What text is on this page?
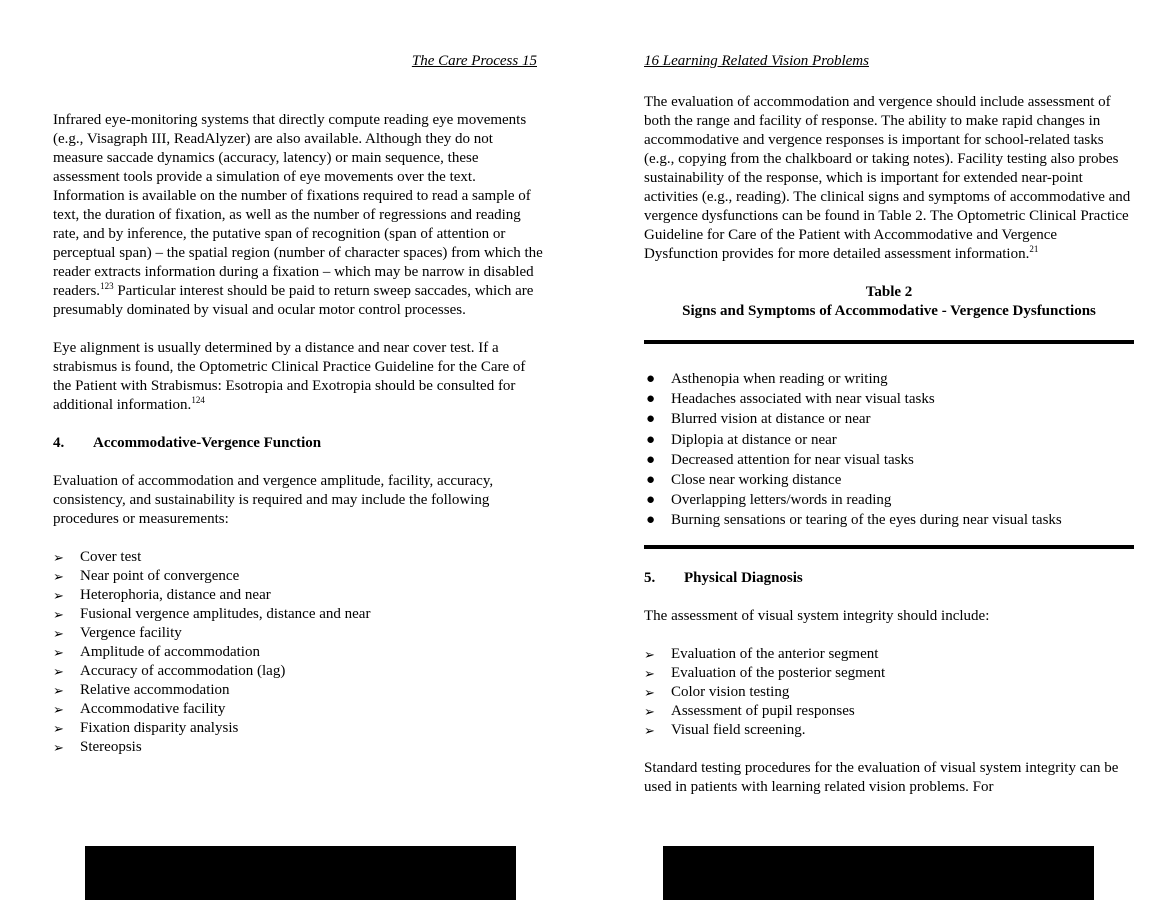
The Care Process 15

Infrared eye-monitoring systems that directly compute reading eye movements (e.g., Visagraph III, ReadAlyzer) are also available. Although they do not measure saccade dynamics (accuracy, latency) or main sequence, these assessment tools provide a simulation of eye movements over the text. Information is available on the number of fixations required to read a sample of text, the duration of fixation, as well as the number of regressions and reading rate, and by inference, the putative span of recognition (span of attention or perceptual span) – the spatial region (number of character spaces) from which the reader extracts information during a fixation – which may be narrow in disabled readers.$^{123}$ Particular interest should be paid to return sweep saccades, which are presumably dominated by visual and ocular motor control processes.

Eye alignment is usually determined by a distance and near cover test. If a strabismus is found, the Optometric Clinical Practice Guideline for the Care of the Patient with Strabismus: Esotropia and Exotropia should be consulted for additional information.$^{124}$

4. Accommodative-Vergence Function

Evaluation of accommodation and vergence amplitude, facility, accuracy, consistency, and sustainability is required and may include the following procedures or measurements:

➢ Cover test
➢ Near point of convergence
➢ Heterophoria, distance and near
➢ Fusional vergence amplitudes, distance and near
➢ Vergence facility
➢ Amplitude of accommodation
➢ Accuracy of accommodation (lag)
➢ Relative accommodation
➢ Accommodative facility
➢ Fixation disparity analysis
➢ Stereopsis
16 Learning Related Vision Problems

The evaluation of accommodation and vergence should include assessment of both the range and facility of response. The ability to make rapid changes in accommodative and vergence responses is important for school-related tasks (e.g., copying from the chalkboard or taking notes). Facility testing also probes sustainability of the response, which is important for extended near-point activities (e.g., reading). The clinical signs and symptoms of accommodative and vergence dysfunctions can be found in Table 2. The Optometric Clinical Practice Guideline for Care of the Patient with Accommodative and Vergence Dysfunction provides for more detailed assessment information.$^{21}$

Table 2
Signs and Symptoms of Accommodative - Vergence Dysfunctions
● Asthenopia when reading or writing
● Headaches associated with near visual tasks
● Blurred vision at distance or near
● Diplopia at distance or near
● Decreased attention for near visual tasks
● Close near working distance
● Overlapping letters/words in reading
● Burning sensations or tearing of the eyes during near visual tasks
5. Physical Diagnosis

The assessment of visual system integrity should include:

➢ Evaluation of the anterior segment
➢ Evaluation of the posterior segment
➢ Color vision testing
➢ Assessment of pupil responses
➢ Visual field screening.

Standard testing procedures for the evaluation of visual system integrity can be used in patients with learning related vision problems. For
